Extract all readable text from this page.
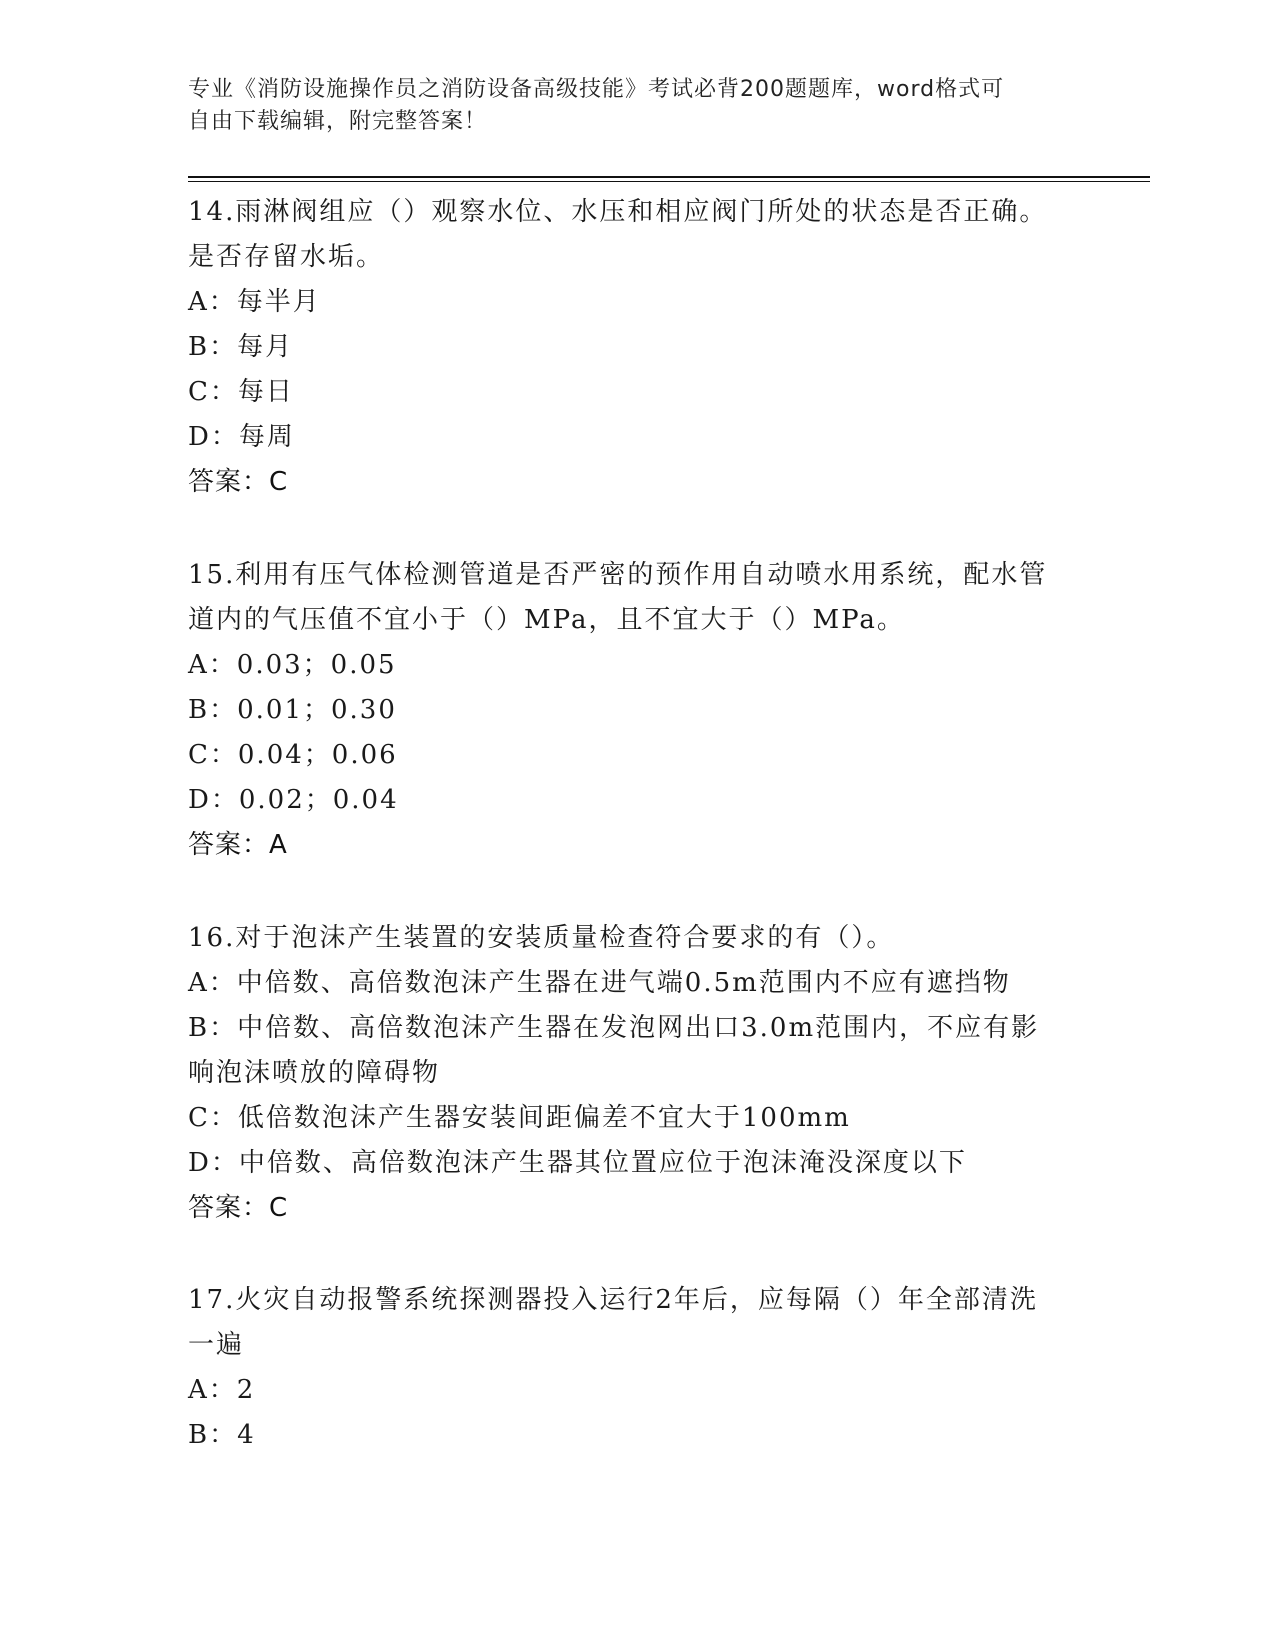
专业《消防设施操作员之消防设备高级技能》考试必背200题题库，word格式可
自由下载编辑，附完整答案！

14.雨淋阀组应（）观察水位、水压和相应阀门所处的状态是否正确。

是否存留水垢。

A：每半月

B：每月

C：每日

D：每周

答案：C

15.利用有压气体检测管道是否严密的预作用自动喷水用系统，配水管

道内的气压值不宜小于（）MPa，且不宜大于（）MPa。

A：0.03；0.05

B：0.01；0.30

C：0.04；0.06

D：0.02；0.04

答案：A

16.对于泡沫产生装置的安装质量检查符合要求的有（）。

A：中倍数、高倍数泡沫产生器在进气端0.5m范围内不应有遮挡物

B：中倍数、高倍数泡沫产生器在发泡网出口3.0m范围内，不应有影

响泡沫喷放的障碍物

C：低倍数泡沫产生器安装间距偏差不宜大于100mm

D：中倍数、高倍数泡沫产生器其位置应位于泡沫淹没深度以下

答案：C

17.火灾自动报警系统探测器投入运行2年后，应每隔（）年全部清洗

一遍

A：2

B：4
